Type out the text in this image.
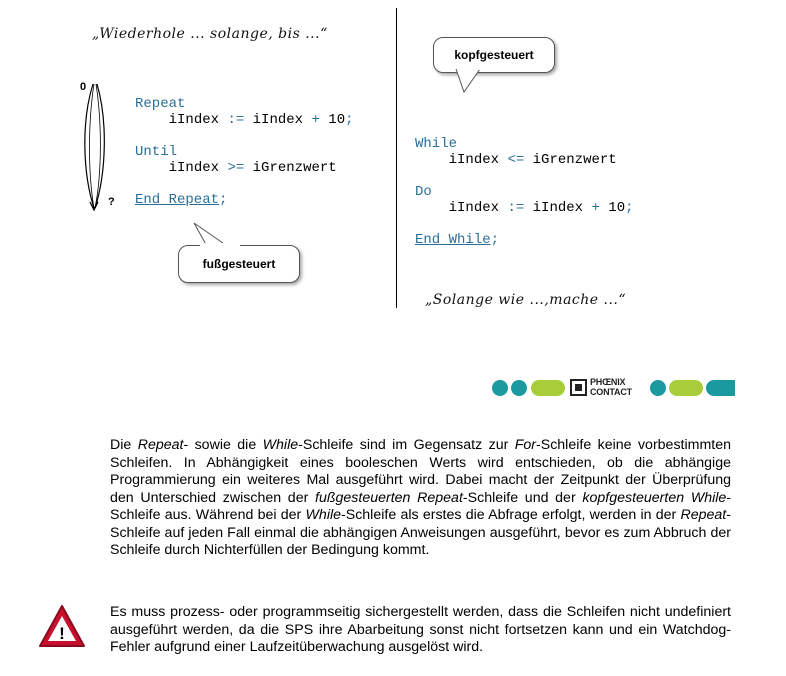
„Wiederhole ... solange, bis ...“
0
?

Repeat
iIndex := iIndex + 10;

Until
iIndex >= iGrenzwert

End_Repeat;

fußgesteuert
kopfgesteuert

While
iIndex <= iGrenzwert

Do
iIndex := iIndex + 10;

End_While;

„Solange wie ...,mache ...“
PHŒNIX
CONTACT
Die Repeat- sowie die While-Schleife sind im Gegensatz zur For-Schleife keine vorbestimmten Schleifen. In Abhängigkeit eines booleschen Werts wird entschieden, ob die abhängige Programmierung ein weiteres Mal ausgeführt wird. Dabei macht der Zeitpunkt der Überprüfung den Unterschied zwischen der fußgesteuerten Repeat-Schleife und der kopfgesteuerten While-Schleife aus. Während bei der While-Schleife als erstes die Abfrage erfolgt, werden in der Repeat-Schleife auf jeden Fall einmal die abhängigen Anweisungen ausgeführt, bevor es zum Abbruch der Schleife durch Nichterfüllen der Bedingung kommt.
!
Es muss prozess- oder programmseitig sichergestellt werden, dass die Schleifen nicht undefiniert ausgeführt werden, da die SPS ihre Abarbeitung sonst nicht fortsetzen kann und ein Watchdog-Fehler aufgrund einer Laufzeitüberwachung ausgelöst wird.
